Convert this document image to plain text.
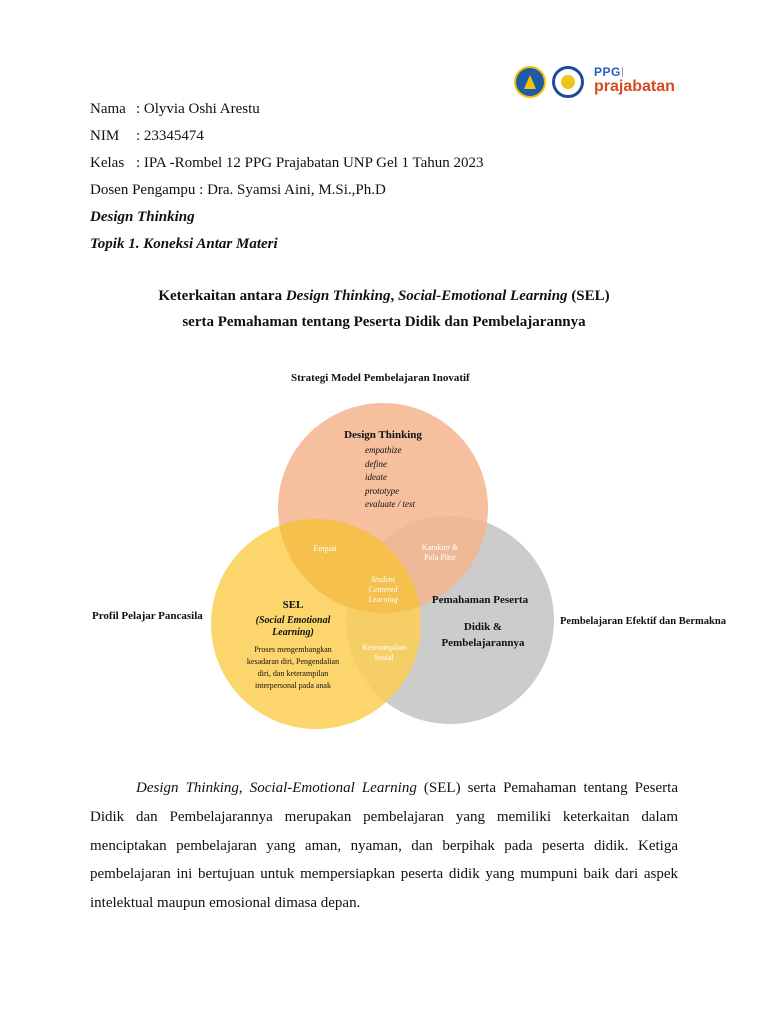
PPG
prajabatan
Nama : Olyvia Oshi Arestu
NIM : 23345474
Kelas : IPA -Rombel 12 PPG Prajabatan UNP Gel 1 Tahun 2023
Dosen Pengampu : Dra. Syamsi Aini, M.Si.,Ph.D
Design Thinking
Topik 1. Koneksi Antar Materi
Keterkaitan antara Design Thinking, Social-Emotional Learning (SEL)
serta Pemahaman tentang Peserta Didik dan Pembelajarannya
Strategi Model Pembelajaran Inovatif
Profil Pelajar Pancasila	Pembelajaran Efektif dan Bermakna
Design Thinking
empathize
define
ideate
prototype
evaluate / test
Empati	Karakter &
Pola Pikir
Student
Centered
Learning
Keterampilan
Sosial
SEL
(Social Emotional
Learning)
Proses mengembangkan
kesadaran diri, Pengendalian
diri, dan keterampilan
interpersonal pada anak
Pemahaman Peserta
Didik &
Pembelajarannya
Design Thinking, Social-Emotional Learning (SEL) serta Pemahaman tentang Peserta
Didik dan Pembelajarannya merupakan pembelajaran yang memiliki keterkaitan dalam
menciptakan pembelajaran yang aman, nyaman, dan berpihak pada peserta didik. Ketiga
pembelajaran ini bertujuan untuk mempersiapkan peserta didik yang mumpuni baik dari aspek
intelektual maupun emosional dimasa depan.
